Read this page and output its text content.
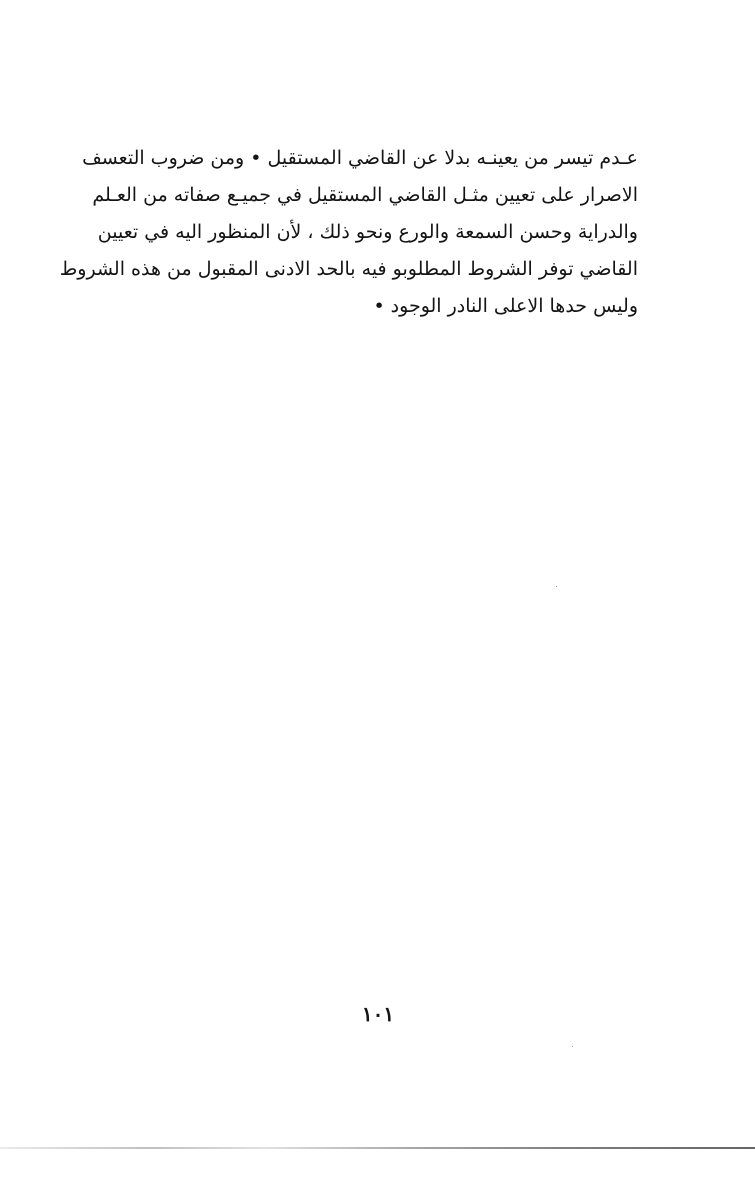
عـدم تيسر من يعينـه بدلا عن القاضي المستقيل • ومن ضروب التعسف
الاصرار على تعيين مثـل القاضي المستقيل في جميـع صفاته من العـلم
والدراية وحسن السمعة والورع ونحو ذلك ، لأن المنظور اليه في تعيين
القاضي توفر الشروط المطلوبو فيه بالحد الادنى المقبول من هذه الشروط
وليس حدها الاعلى النادر الوجود •
١٠١
